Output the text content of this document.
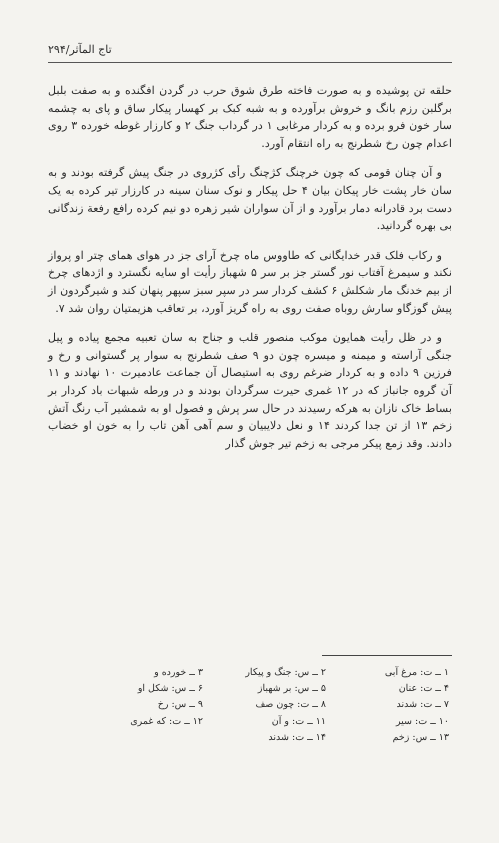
تاج المآثر/۲۹۴

حلقه تن پوشیده و به صورت فاخته طرق شوق حرب در گردن افگنده و به صفت بلبل برگلبن رزم بانگ و خروش برآورده و به شبه کبک بر کهسار پیکار ساق و پای به چشمه سار خون فرو برده و به کردار مرغابی ۱ در گرداب جنگ ۲ و کارزار غوطه خورده ۳ روی اعدام چون رخ شطرنج به راه انتقام آورد.

و آن چنان قومی که چون خرچنگ کژچنگ رأی کژروی در جنگ پیش گرفته بودند و به سان خار پشت خار پیکان بیان ۴ حل پیکار و نوک سنان سینه در کارزار تیر کرده به یک دست برد قادرانه دمار برآورد و از آن سواران شیر زهره دو نیم کرده رافع رفعة زندگانی بی بهره گردانید.

و رکاب فلک قدر خدایگانی که طاووس ماه چرخ آرای جز در هوای همای چتر او پرواز نکند و سیمرغ آفتاب نور گستر جز بر سر ۵ شهباز رأیت او سایه نگسترد و اژدهای چرخ از بیم خدنگ مار شکلش ۶ کشف کردار سر در سپر سبز سپهر پنهان کند و شیرگردون از پیش گوزگاو سارش روباه صفت روی به راه گریز آورد، بر تعاقب هزیمتیان روان شد ۷.

و در ظل رأیت همایون موکب منصور قلب و جناح به سان تعبیه مجمع پیاده و پیل جنگی آراسته و میمنه و میسره چون دو ۹ صف شطرنج به سوار پر گستوانی و رخ و فرزین ۹ داده و به کردار ضرغم روی به استیصال آن جماعت عادمیرت ۱۰ نهادند و ۱۱ آن گروه جانباز که در ۱۲ غمری حیرت سرگردان بودند و در ورطه شبهات باد کردار بر بساط خاک نازان به هرکه رسیدند در حال سر پرش و فصول او به شمشیر آب رنگ آتش زخم ۱۳ از تن جدا کردند ۱۴ و نعل دلایبیان و سم آهی آهن تاب را به خون او خضاب دادند. وقد زمع پیکر مرجی به زخم تیر جوش گذار

۱ ــ ت: مرغ آبی
۲ ــ س: جنگ و پیکار
۳ ــ خورده و
۴ ــ ت: عنان
۵ ــ س: بر شهباز
۶ ــ س: شکل او
۷ ــ ت: شدند
۸ ــ ت: چون صف
۹ ــ س: رخ
۱۰ ــ ت: سیر
۱۱ ــ ت: و آن
۱۲ ــ ت: که غمری
۱۳ ــ س: زخم
۱۴ ــ ت: شدند
